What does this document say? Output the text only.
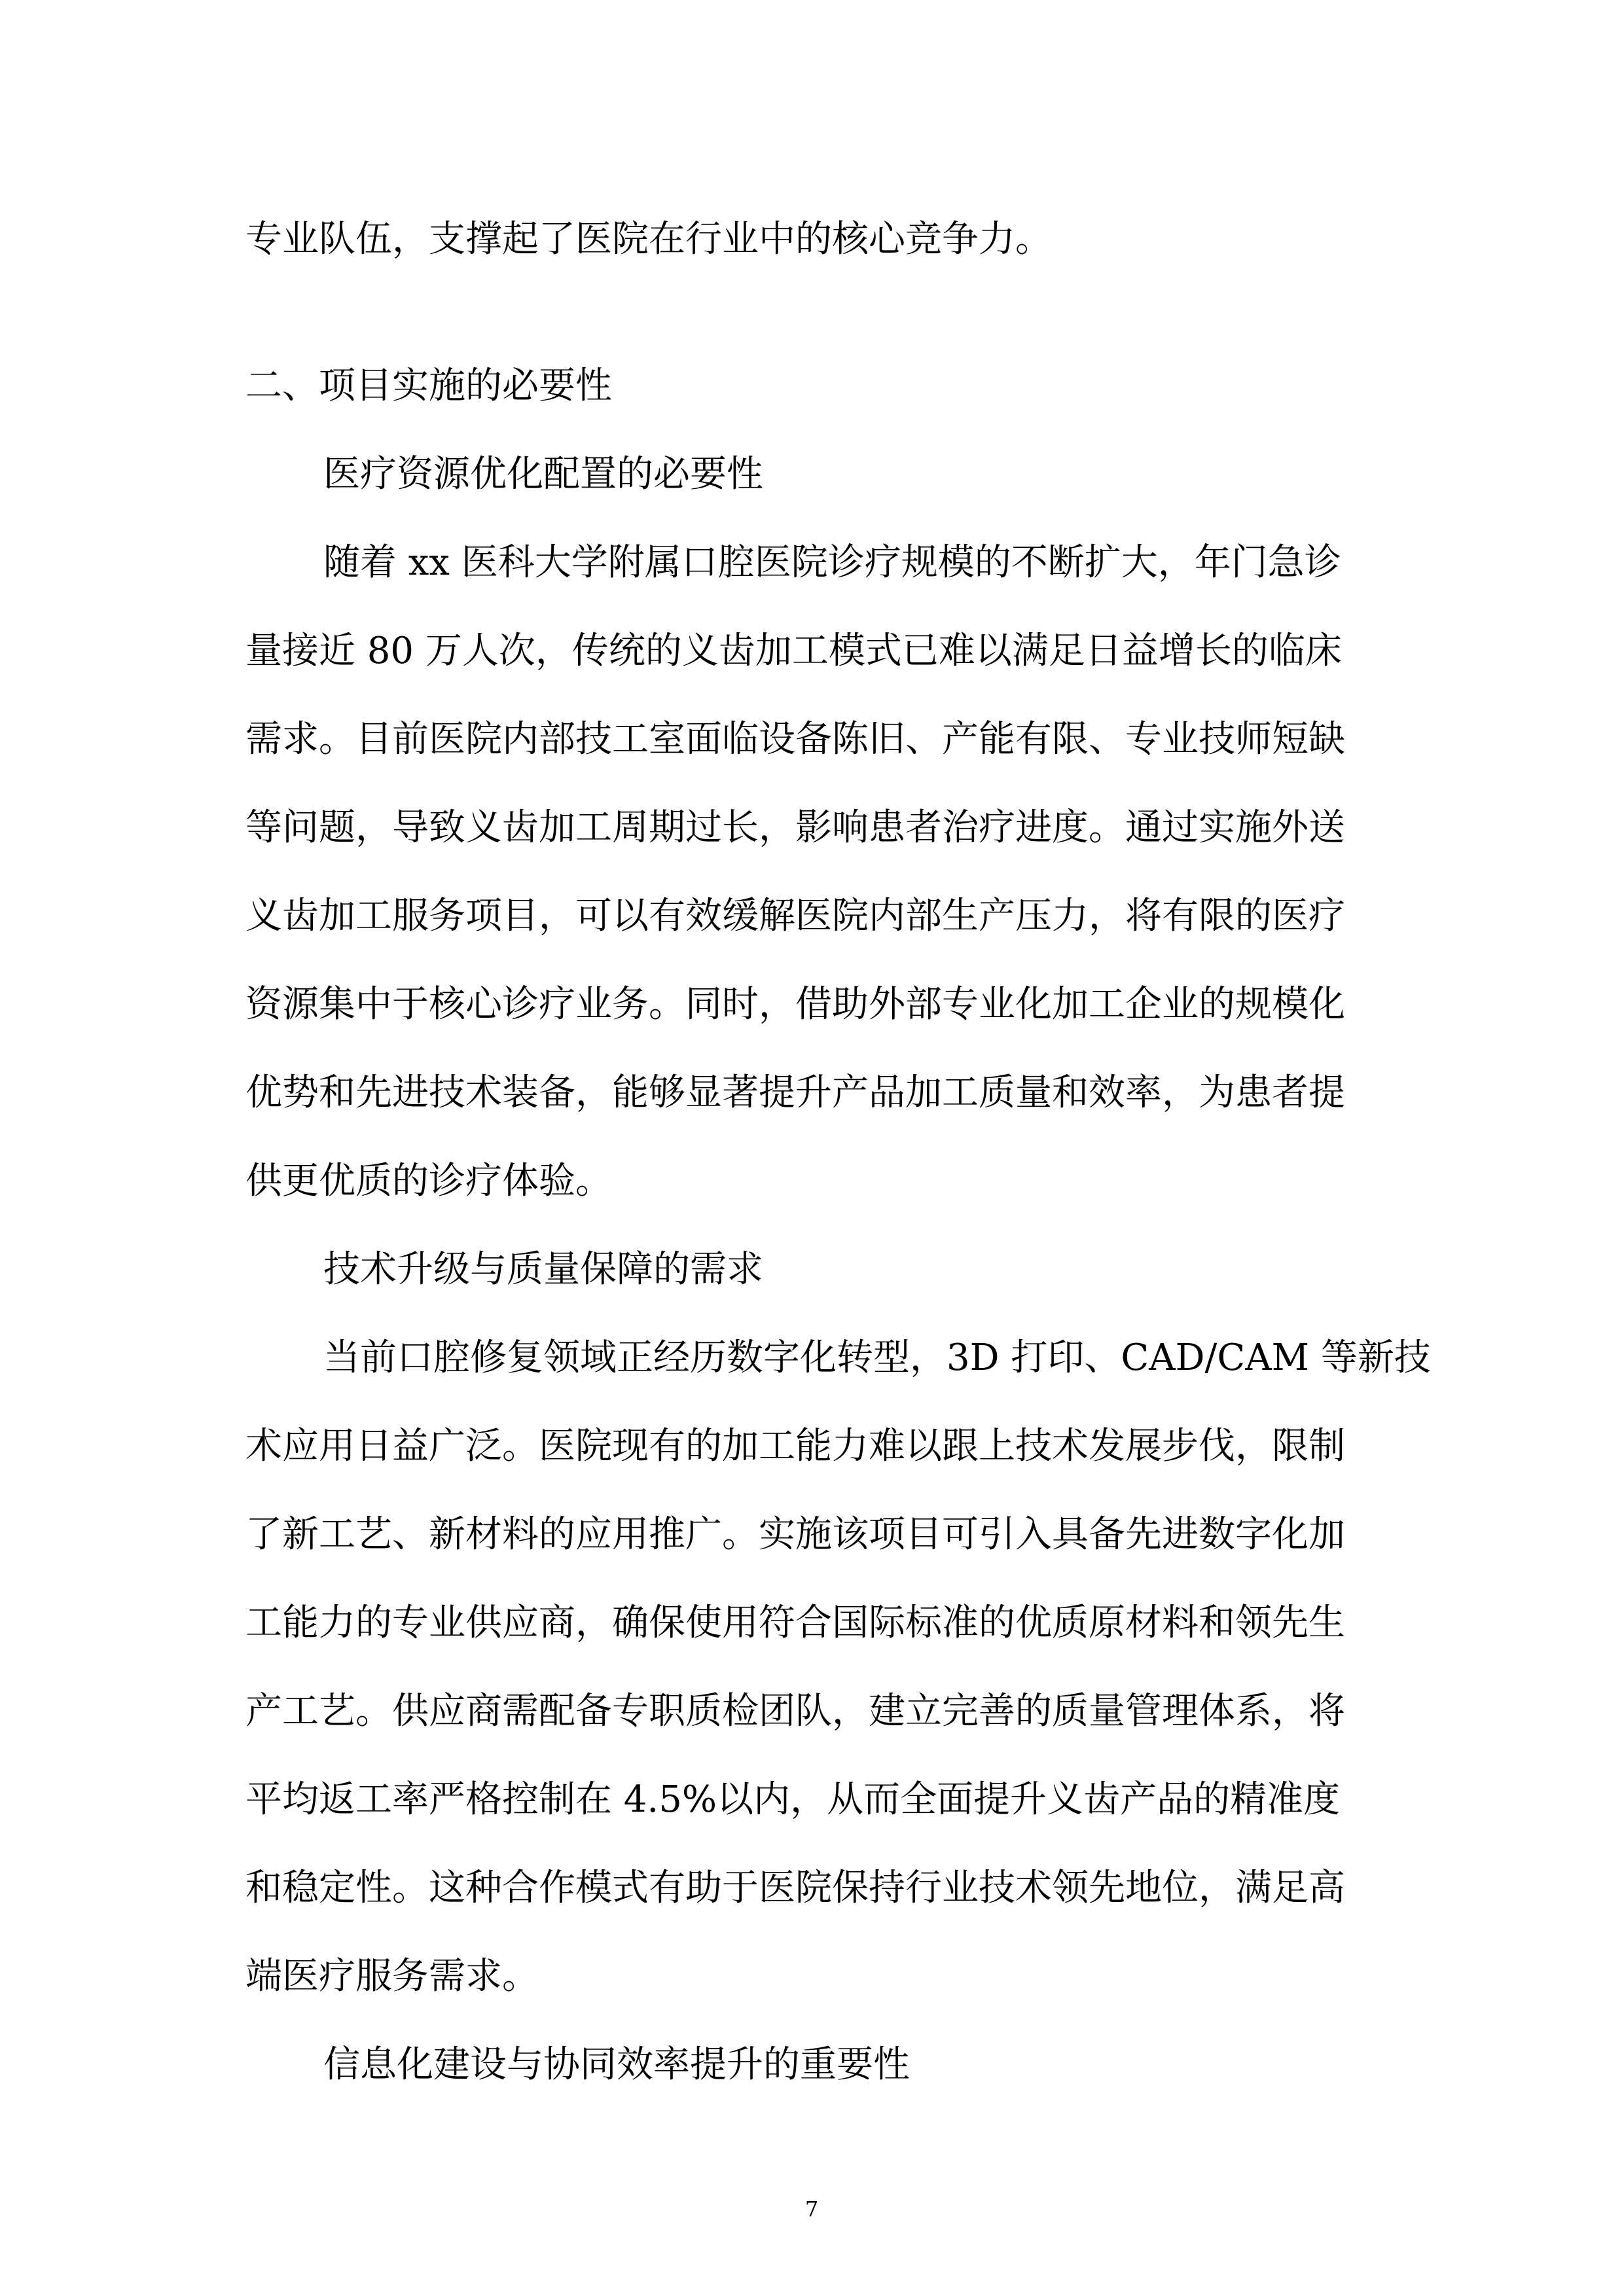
专业队伍，支撑起了医院在行业中的核心竞争力。
二、项目实施的必要性
医疗资源优化配置的必要性
随着 xx 医科大学附属口腔医院诊疗规模的不断扩大，年门急诊
量接近 80 万人次，传统的义齿加工模式已难以满足日益增长的临床
需求。目前医院内部技工室面临设备陈旧、产能有限、专业技师短缺
等问题，导致义齿加工周期过长，影响患者治疗进度。通过实施外送
义齿加工服务项目，可以有效缓解医院内部生产压力，将有限的医疗
资源集中于核心诊疗业务。同时，借助外部专业化加工企业的规模化
优势和先进技术装备，能够显著提升产品加工质量和效率，为患者提
供更优质的诊疗体验。
技术升级与质量保障的需求
当前口腔修复领域正经历数字化转型，3D 打印、CAD/CAM 等新技
术应用日益广泛。医院现有的加工能力难以跟上技术发展步伐，限制
了新工艺、新材料的应用推广。实施该项目可引入具备先进数字化加
工能力的专业供应商，确保使用符合国际标准的优质原材料和领先生
产工艺。供应商需配备专职质检团队，建立完善的质量管理体系，将
平均返工率严格控制在 4.5%以内，从而全面提升义齿产品的精准度
和稳定性。这种合作模式有助于医院保持行业技术领先地位，满足高
端医疗服务需求。
信息化建设与协同效率提升的重要性
7
